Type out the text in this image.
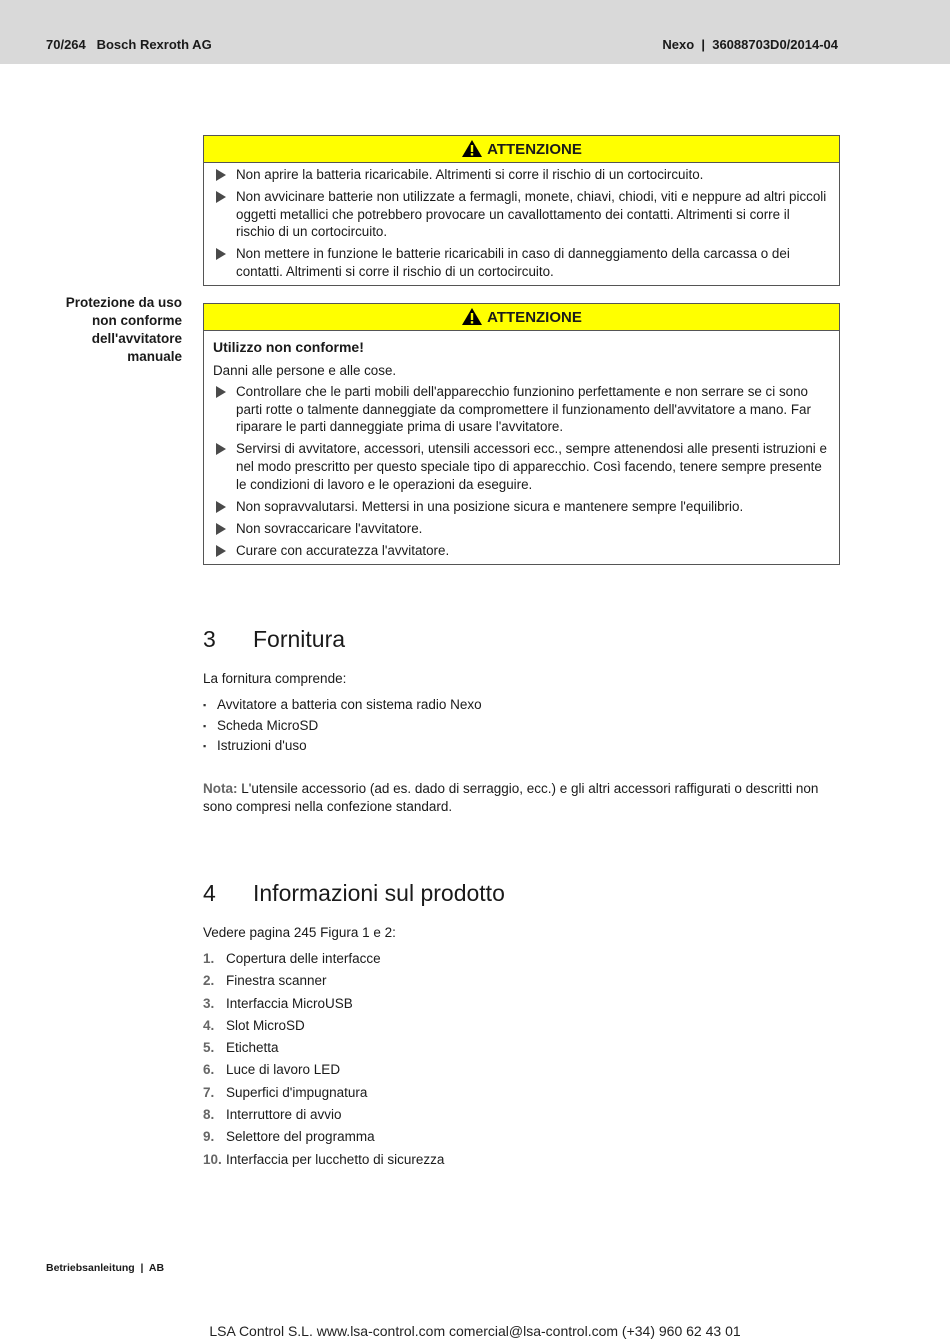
70/264   Bosch Rexroth AG	Nexo  |  36088703D0/2014-04
ATTENZIONE
Non aprire la batteria ricaricabile. Altrimenti si corre il rischio di un cortocircuito.
Non avvicinare batterie non utilizzate a fermagli, monete, chiavi, chiodi, viti e neppure ad altri piccoli oggetti metallici che potrebbero provocare un cavallottamento dei contatti. Altrimenti si corre il rischio di un cortocircuito.
Non mettere in funzione le batterie ricaricabili in caso di danneggiamento della carcassa o dei contatti. Altrimenti si corre il rischio di un cortocircuito.
Protezione da uso non conforme dell'avvitatore manuale
ATTENZIONE
Utilizzo non conforme!
Danni alle persone e alle cose.
Controllare che le parti mobili dell'apparecchio funzionino perfettamente e non serrare se ci sono parti rotte o talmente danneggiate da compromettere il funzionamento dell'avvitatore a mano. Far riparare le parti danneggiate prima di usare l'avvitatore.
Servirsi di avvitatore, accessori, utensili accessori ecc., sempre attenendosi alle presenti istruzioni e nel modo prescritto per questo speciale tipo di apparecchio. Così facendo, tenere sempre presente le condizioni di lavoro e le operazioni da eseguire.
Non sopravvalutarsi. Mettersi in una posizione sicura e mantenere sempre l'equilibrio.
Non sovraccaricare l'avvitatore.
Curare con accuratezza l'avvitatore.
3 Fornitura
La fornitura comprende:
▪ Avvitatore a batteria con sistema radio Nexo
▪ Scheda MicroSD
▪ Istruzioni d'uso
Nota: L'utensile accessorio (ad es. dado di serraggio, ecc.) e gli altri accessori raffigurati o descritti non sono compresi nella confezione standard.
4 Informazioni sul prodotto
Vedere pagina 245 Figura 1 e 2:
1. Copertura delle interfacce
2. Finestra scanner
3. Interfaccia MicroUSB
4. Slot MicroSD
5. Etichetta
6. Luce di lavoro LED
7. Superfici d'impugnatura
8. Interruttore di avvio
9. Selettore del programma
10. Interfaccia per lucchetto di sicurezza
Betriebsanleitung  |  AB
LSA Control S.L. www.lsa-control.com comercial@lsa-control.com (+34) 960 62 43 01
